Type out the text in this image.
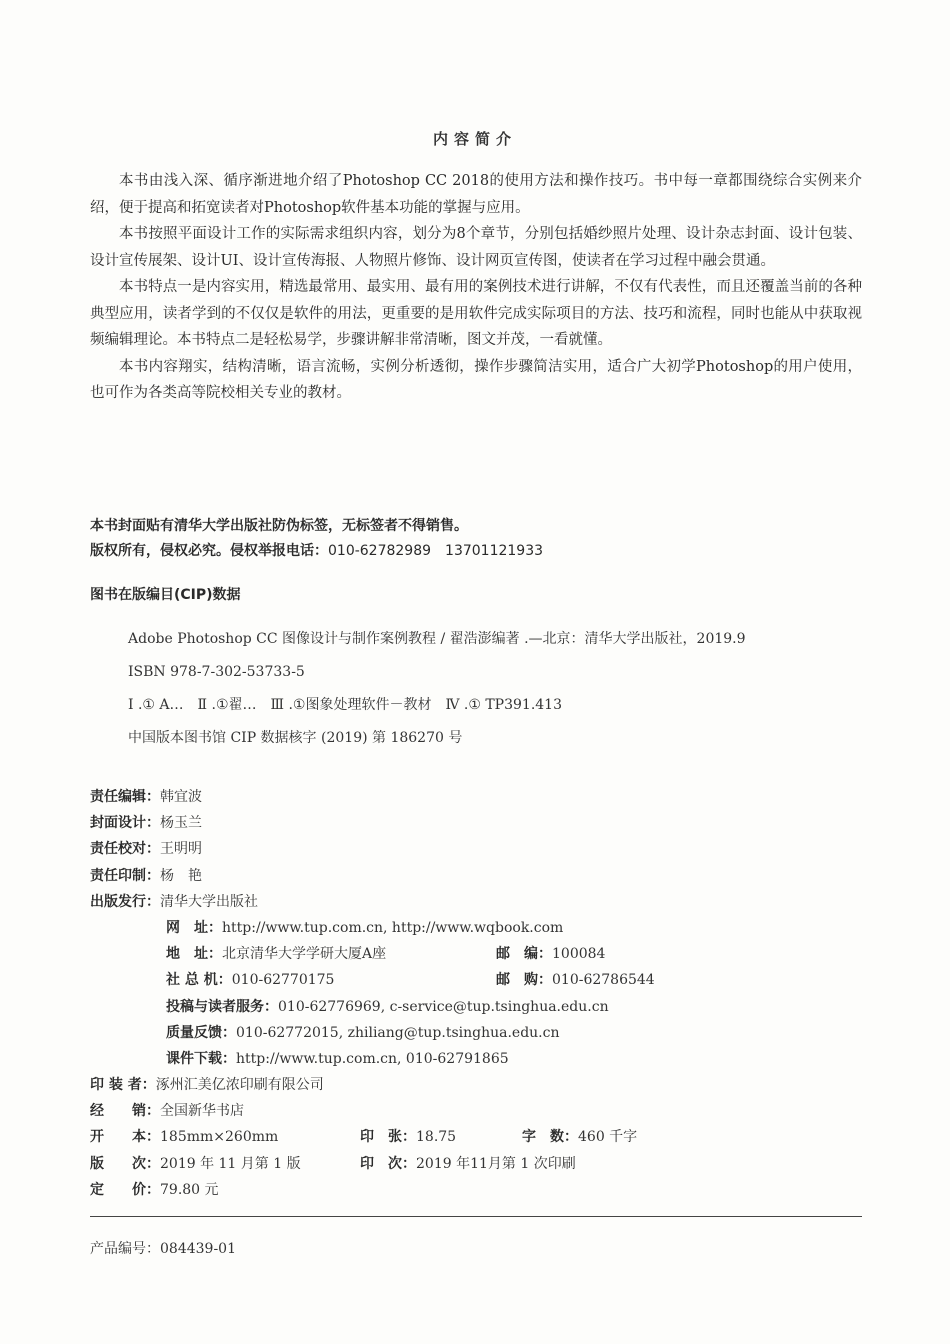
内容简介

本书由浅入深、循序渐进地介绍了Photoshop CC 2018的使用方法和操作技巧。书中每一章都围绕综合实例来介绍，便于提高和拓宽读者对Photoshop软件基本功能的掌握与应用。

本书按照平面设计工作的实际需求组织内容，划分为8个章节，分别包括婚纱照片处理、设计杂志封面、设计包装、设计宣传展架、设计UI、设计宣传海报、人物照片修饰、设计网页宣传图，使读者在学习过程中融会贯通。

本书特点一是内容实用，精选最常用、最实用、最有用的案例技术进行讲解，不仅有代表性，而且还覆盖当前的各种典型应用，读者学到的不仅仅是软件的用法，更重要的是用软件完成实际项目的方法、技巧和流程，同时也能从中获取视频编辑理论。本书特点二是轻松易学，步骤讲解非常清晰，图文并茂，一看就懂。

本书内容翔实，结构清晰，语言流畅，实例分析透彻，操作步骤简洁实用，适合广大初学Photoshop的用户使用，也可作为各类高等院校相关专业的教材。

本书封面贴有清华大学出版社防伪标签，无标签者不得销售。
版权所有，侵权必究。侵权举报电话：010-62782989　13701121933
图书在版编目(CIP)数据
Adobe Photoshop CC 图像设计与制作案例教程 / 翟浩澎编著 .—北京：清华大学出版社，2019.9
ISBN 978-7-302-53733-5
Ⅰ .① A…　Ⅱ .①翟…　Ⅲ .①图象处理软件－教材　Ⅳ .① TP391.413
中国版本图书馆 CIP 数据核字 (2019) 第 186270 号
责任编辑：韩宜波
封面设计：杨玉兰
责任校对：王明明
责任印制：杨　艳
出版发行：清华大学出版社
网　址：http://www.tup.com.cn, http://www.wqbook.com
地　址：北京清华大学学研大厦A座	邮　编：100084
社 总 机：010-62770175	邮　购：010-62786544
投稿与读者服务：010-62776969, c-service@tup.tsinghua.edu.cn
质量反馈：010-62772015, zhiliang@tup.tsinghua.edu.cn
课件下载：http://www.tup.com.cn, 010-62791865
印 装 者：涿州汇美亿浓印刷有限公司
经　　销：全国新华书店
开　　本：185mm×260mm	印　张：18.75	字　数：460 千字
版　　次：2019 年 11 月第 1 版	印　次：2019 年11月第 1 次印刷
定　　价：79.80 元
产品编号：084439-01
